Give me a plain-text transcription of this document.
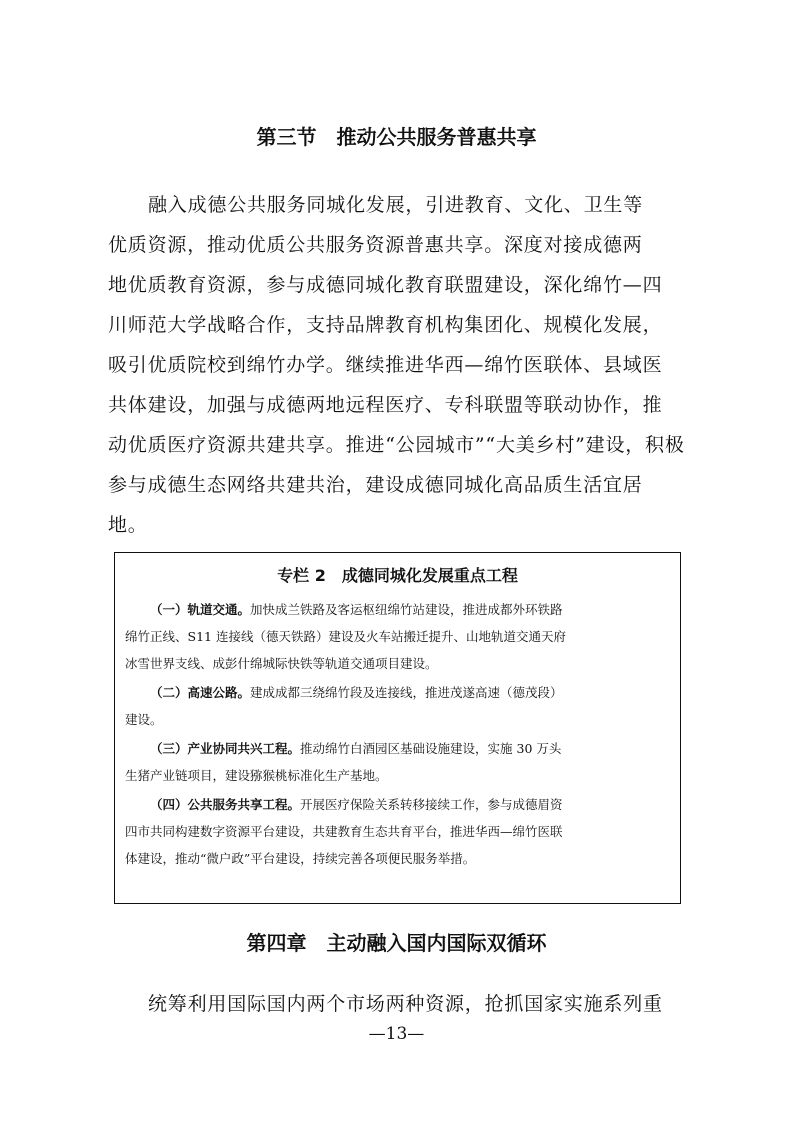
第三节　推动公共服务普惠共享
融入成德公共服务同城化发展，引进教育、文化、卫生等
优质资源，推动优质公共服务资源普惠共享。深度对接成德两
地优质教育资源，参与成德同城化教育联盟建设，深化绵竹—四
川师范大学战略合作，支持品牌教育机构集团化、规模化发展，
吸引优质院校到绵竹办学。继续推进华西—绵竹医联体、县域医
共体建设，加强与成德两地远程医疗、专科联盟等联动协作，推
动优质医疗资源共建共享。推进“公园城市”“大美乡村”建设，积极
参与成德生态网络共建共治，建设成德同城化高品质生活宜居
地。

专栏 2　成德同城化发展重点工程

（一）轨道交通。加快成兰铁路及客运枢纽绵竹站建设，推进成都外环铁路
绵竹正线、S11 连接线（德天铁路）建设及火车站搬迁提升、山地轨道交通天府
冰雪世界支线、成彭什绵城际快铁等轨道交通项目建设。
（二）高速公路。建成成都三绕绵竹段及连接线，推进茂遂高速（德茂段）
建设。
（三）产业协同共兴工程。推动绵竹白酒园区基础设施建设，实施 30 万头
生猪产业链项目，建设猕猴桃标准化生产基地。
（四）公共服务共享工程。开展医疗保险关系转移接续工作，参与成德眉资
四市共同构建数字资源平台建设，共建教育生态共育平台，推进华西—绵竹医联
体建设，推动“微户政”平台建设，持续完善各项便民服务举措。
第四章　主动融入国内国际双循环

统筹利用国际国内两个市场两种资源，抢抓国家实施系列重

—13—
